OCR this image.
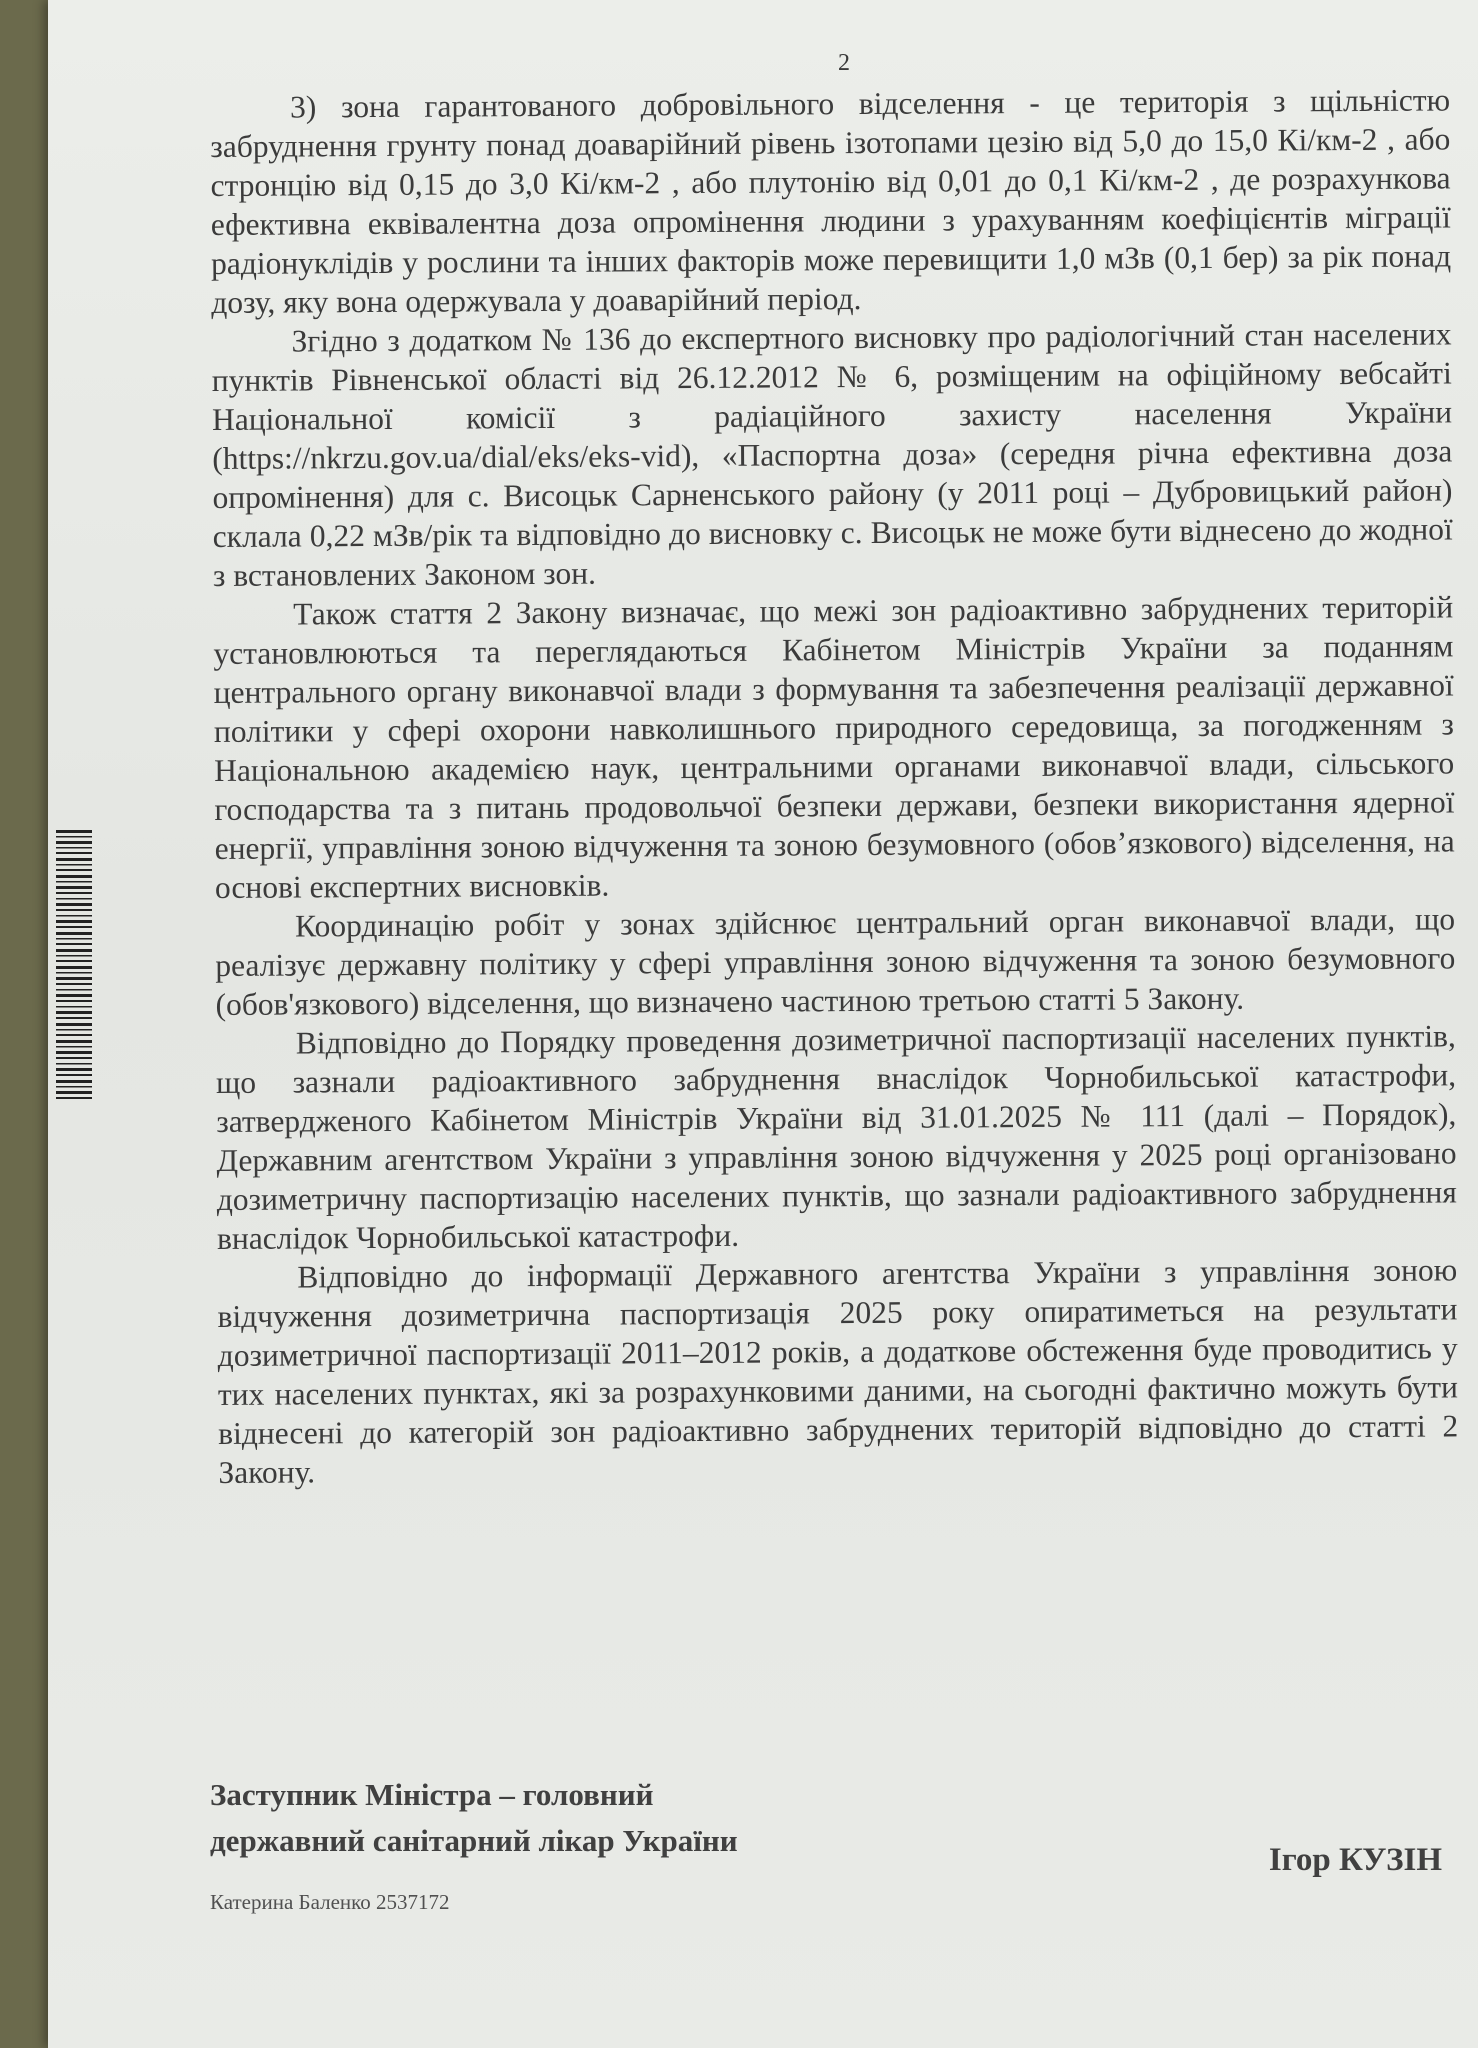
2

3) зона гарантованого добровільного відселення - це територія з щільністю забруднення грунту понад доаварійний рівень ізотопами цезію від 5,0 до 15,0 Кі/км-2 , або стронцію від 0,15 до 3,0 Кі/км-2 , або плутонію від 0,01 до 0,1 Кі/км-2 , де розрахункова ефективна еквівалентна доза опромінення людини з урахуванням коефіцієнтів міграції радіонуклідів у рослини та інших факторів може перевищити 1,0 мЗв (0,1 бер) за рік понад дозу, яку вона одержувала у доаварійний період.

Згідно з додатком № 136 до експертного висновку про радіологічний стан населених пунктів Рівненської області від 26.12.2012 № 6, розміщеним на офіційному вебсайті Національної комісії з радіаційного захисту населення України (https://nkrzu.gov.ua/dial/eks/eks-vid), «Паспортна доза» (середня річна ефективна доза опромінення) для с. Висоцьк Сарненського району (у 2011 році – Дубровицький район) склала 0,22 мЗв/рік та відповідно до висновку с. Висоцьк не може бути віднесено до жодної з встановлених Законом зон.

Також стаття 2 Закону визначає, що межі зон радіоактивно забруднених територій установлюються та переглядаються Кабінетом Міністрів України за поданням центрального органу виконавчої влади з формування та забезпечення реалізації державної політики у сфері охорони навколишнього природного середовища, за погодженням з Національною академією наук, центральними органами виконавчої влади, сільського господарства та з питань продовольчої безпеки держави, безпеки використання ядерної енергії, управління зоною відчуження та зоною безумовного (обов’язкового) відселення, на основі експертних висновків.

Координацію робіт у зонах здійснює центральний орган виконавчої влади, що реалізує державну політику у сфері управління зоною відчуження та зоною безумовного (обов'язкового) відселення, що визначено частиною третьою статті 5 Закону.

Відповідно до Порядку проведення дозиметричної паспортизації населених пунктів, що зазнали радіоактивного забруднення внаслідок Чорнобильської катастрофи, затвердженого Кабінетом Міністрів України від 31.01.2025 № 111 (далі – Порядок), Державним агентством України з управління зоною відчуження у 2025 році організовано дозиметричну паспортизацію населених пунктів, що зазнали радіоактивного забруднення внаслідок Чорнобильської катастрофи.

Відповідно до інформації Державного агентства України з управління зоною відчуження дозиметрична паспортизація 2025 року опиратиметься на результати дозиметричної паспортизації 2011–2012 років, а додаткове обстеження буде проводитись у тих населених пунктах, які за розрахунковими даними, на сьогодні фактично можуть бути віднесені до категорій зон радіоактивно забруднених територій відповідно до статті 2 Закону.

Заступник Міністра – головний
державний санітарний лікар України
Ігор КУЗІН
Катерина Баленко 2537172
